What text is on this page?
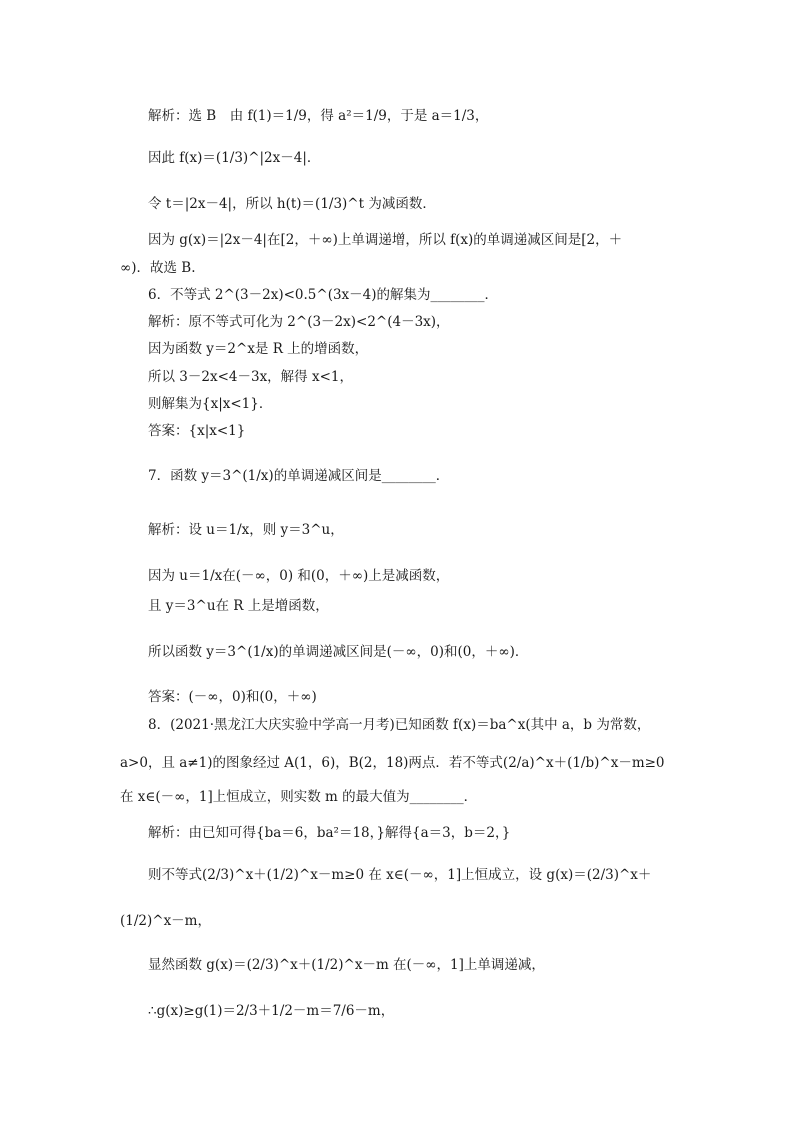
解析：选 B　由 f(1)＝1/9，得 a²＝1/9，于是 a＝1/3，
因此 f(x)＝(1/3)^|2x－4|．
令 t＝|2x－4|，所以 h(t)＝(1/3)^t 为减函数．
因为 g(x)＝|2x－4|在[2，＋∞)上单调递增，所以 f(x)的单调递减区间是[2，＋
∞)．故选 B.
6．不等式 2^(3－2x)<0.5^(3x－4)的解集为________．
解析：原不等式可化为 2^(3－2x)<2^(4－3x)，
因为函数 y＝2^x是 R 上的增函数，
所以 3－2x<4－3x，解得 x<1，
则解集为{x|x<1}．
答案：{x|x<1}
7．函数 y＝3^(1/x)的单调递减区间是________．
解析：设 u＝1/x，则 y＝3^u，
因为 u＝1/x在(－∞，0) 和(0，＋∞)上是减函数，
且 y＝3^u在 R 上是增函数，
所以函数 y＝3^(1/x)的单调递减区间是(－∞，0)和(0，＋∞)．
答案：(－∞，0)和(0，＋∞)
8．(2021·黑龙江大庆实验中学高一月考)已知函数 f(x)＝ba^x(其中 a，b 为常数，
a>0，且 a≠1)的图象经过 A(1，6)，B(2，18)两点．若不等式(2/a)^x＋(1/b)^x－m≥0
在 x∈(－∞，1]上恒成立，则实数 m 的最大值为________．
解析：由已知可得{ba＝6，ba²＝18，}解得{a＝3，b＝2，}
则不等式(2/3)^x＋(1/2)^x－m≥0 在 x∈(－∞，1]上恒成立，设 g(x)＝(2/3)^x＋
(1/2)^x－m，
显然函数 g(x)＝(2/3)^x＋(1/2)^x－m 在(－∞，1]上单调递减，
∴g(x)≥g(1)＝2/3＋1/2－m＝7/6－m，
